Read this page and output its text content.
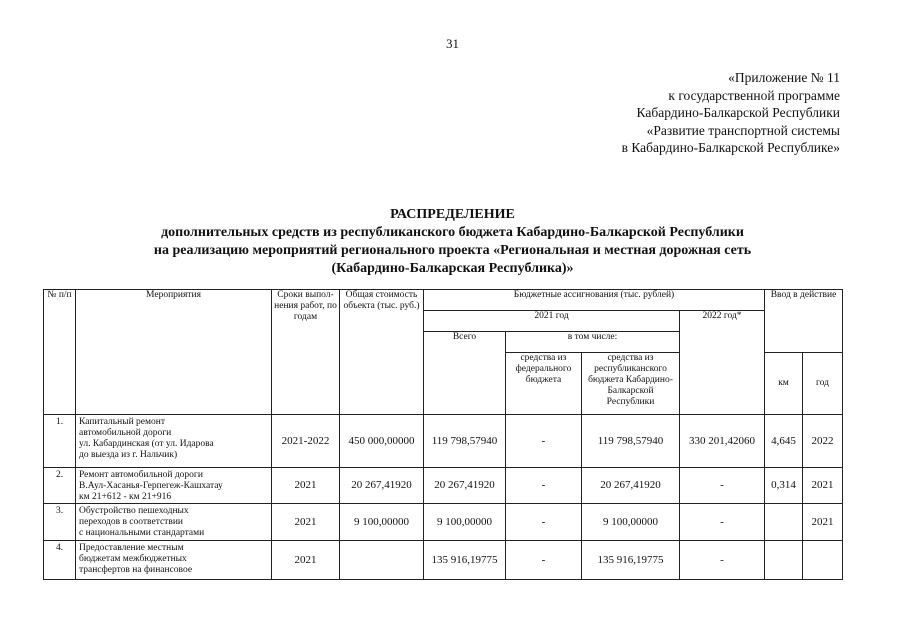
31
«Приложение № 11
к государственной программе
Кабардино-Балкарской Республики
«Развитие транспортной системы
в Кабардино-Балкарской Республике»
РАСПРЕДЕЛЕНИЕ
дополнительных средств из республиканского бюджета Кабардино-Балкарской Республики
на реализацию мероприятий регионального проекта «Региональная и местная дорожная сеть
(Кабардино-Балкарская Республика)»
№ п/п	Мероприятия	Сроки выпол- нения работ, по годам	Общая стоимость объекта (тыс. руб.)	Бюджетные ассигнования (тыс. рублей)				Ввод в действие	
				2021 год			2022 год*		
				Всего	в том числе:				
					средства из федерального бюджета	средства из республиканского бюджета Кабардино- Балкарской Республики		км	год
1.	Капитальный ремонт
автомобильной дороги
ул. Кабардинская (от ул. Идарова
до выезда из г. Нальчик)	2021-2022	450 000,00000	119 798,57940	-	119 798,57940	330 201,42060	4,645	2022
2.	Ремонт автомобильной дороги
В.Аул-Хасанья-Герпегеж-Кашхатау
км 21+612 - км 21+916	2021	20 267,41920	20 267,41920	-	20 267,41920	-	0,314	2021
3.	Обустройство пешеходных
переходов в соответствии
с национальными стандартами	2021	9 100,00000	9 100,00000	-	9 100,00000	-		2021
4.	Предоставление местным
бюджетам межбюджетных
трансфертов на финансовое	2021		135 916,19775	-	135 916,19775	-		
